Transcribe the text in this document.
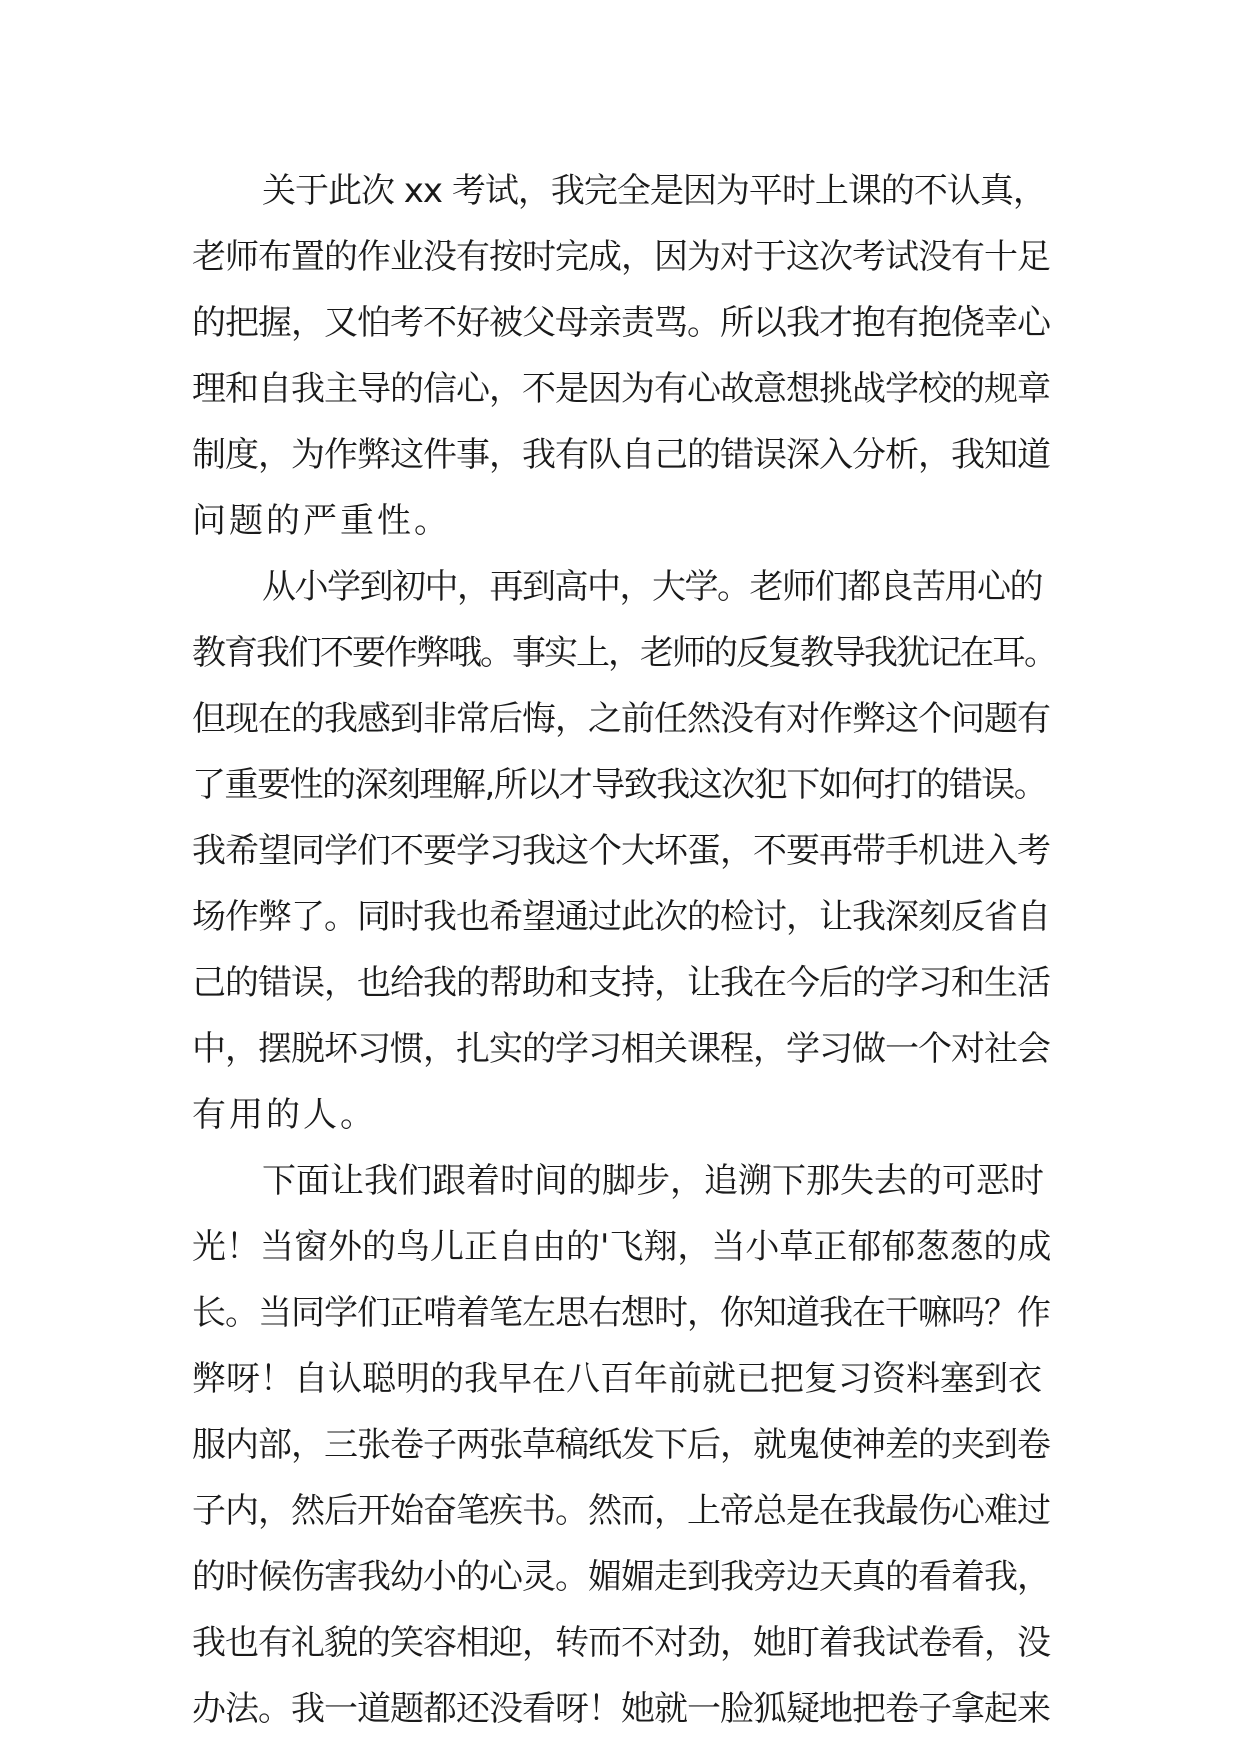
关于此次 xx 考试，我完全是因为平时上课的不认真，
老师布置的作业没有按时完成，因为对于这次考试没有十足
的把握，又怕考不好被父母亲责骂。所以我才抱有抱侥幸心
理和自我主导的信心，不是因为有心故意想挑战学校的规章
制度，为作弊这件事，我有队自己的错误深入分析，我知道
问题的严重性。
从小学到初中，再到高中，大学。老师们都良苦用心的
教育我们不要作弊哦。事实上，老师的反复教导我犹记在耳。
但现在的我感到非常后悔，之前任然没有对作弊这个问题有
了重要性的深刻理解,所以才导致我这次犯下如何打的错误。
我希望同学们不要学习我这个大坏蛋，不要再带手机进入考
场作弊了。同时我也希望通过此次的检讨，让我深刻反省自
己的错误，也给我的帮助和支持，让我在今后的学习和生活
中，摆脱坏习惯，扎实的学习相关课程，学习做一个对社会
有用的人。
下面让我们跟着时间的脚步，追溯下那失去的可恶时
光！当窗外的鸟儿正自由的'飞翔，当小草正郁郁葱葱的成
长。当同学们正啃着笔左思右想时，你知道我在干嘛吗？作
弊呀！自认聪明的我早在八百年前就已把复习资料塞到衣
服内部，三张卷子两张草稿纸发下后，就鬼使神差的夹到卷
子内，然后开始奋笔疾书。然而，上帝总是在我最伤心难过
的时候伤害我幼小的心灵。媚媚走到我旁边天真的看着我，
我也有礼貌的笑容相迎，转而不对劲，她盯着我试卷看，没
办法。我一道题都还没看呀！她就一脸狐疑地把卷子拿起来
